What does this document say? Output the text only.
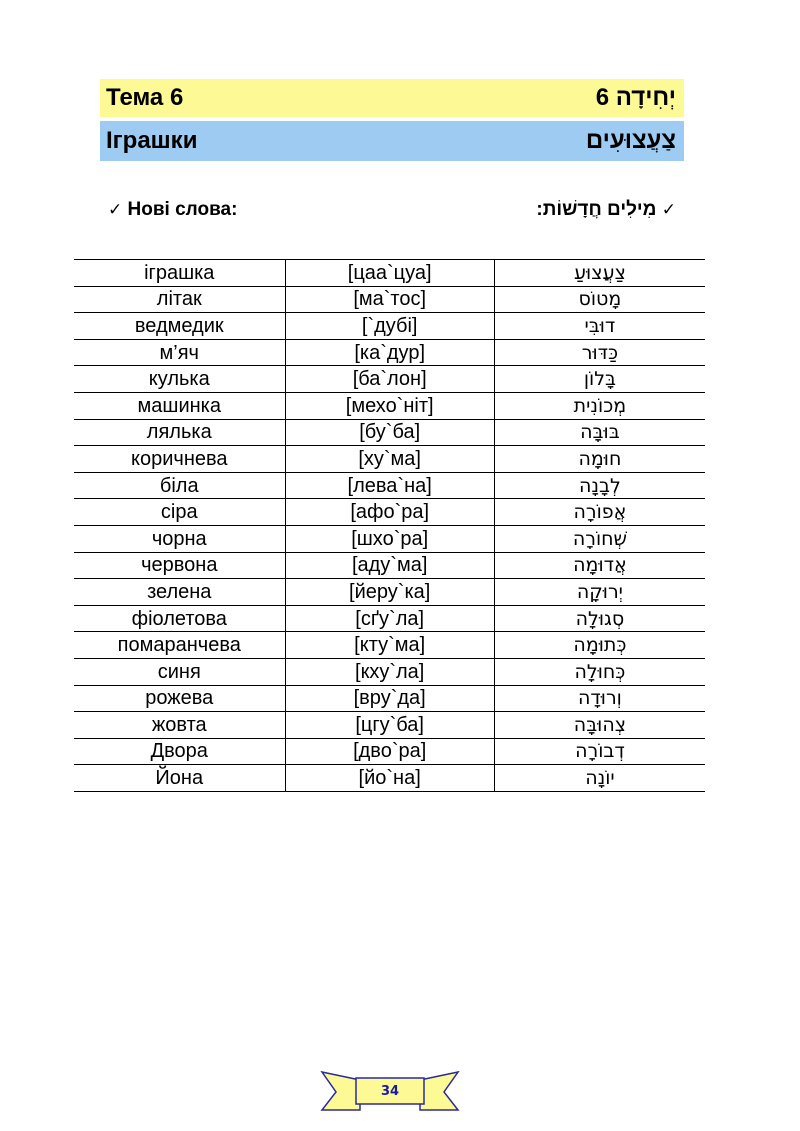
Тема 6	יְחִידָה 6
Іграшки	צַעֲצוּעִים
✓ Нові слова:	✓ מִילִים חֲדָשׁוֹת:
іграшка	[цаа`цуа]	צַעֲצוּעַ
літак	[ма`тос]	מָטוֹס
ведмедик	[`дубі]	דוּבִּי
м’яч	[ка`дур]	כַּדּוּר
кулька	[ба`лон]	בָּלוֹן
машинка	[мехо`ніт]	מְכוֹנִית
лялька	[бу`ба]	בּוּבָּה
коричнева	[ху`ма]	חוּמָה
біла	[лева`на]	לְבָנָה
сіра	[афо`ра]	אֲפוֹרָה
чорна	[шхо`ра]	שְׁחוֹרָה
червона	[аду`ма]	אֲדוּמָה
зелена	[йеру`ка]	יְרוּקָה
фіолетова	[сґу`ла]	סְגוּלָה
помаранчева	[кту`ма]	כְּתוּמָה
синя	[кху`ла]	כְּחוּלָה
рожева	[вру`да]	וְרוּדָה
жовта	[цгу`ба]	צְהוּבָּה
Двора	[дво`ра]	דְבוֹרָה
Йона	[йо`на]	יוֹנָה
34
